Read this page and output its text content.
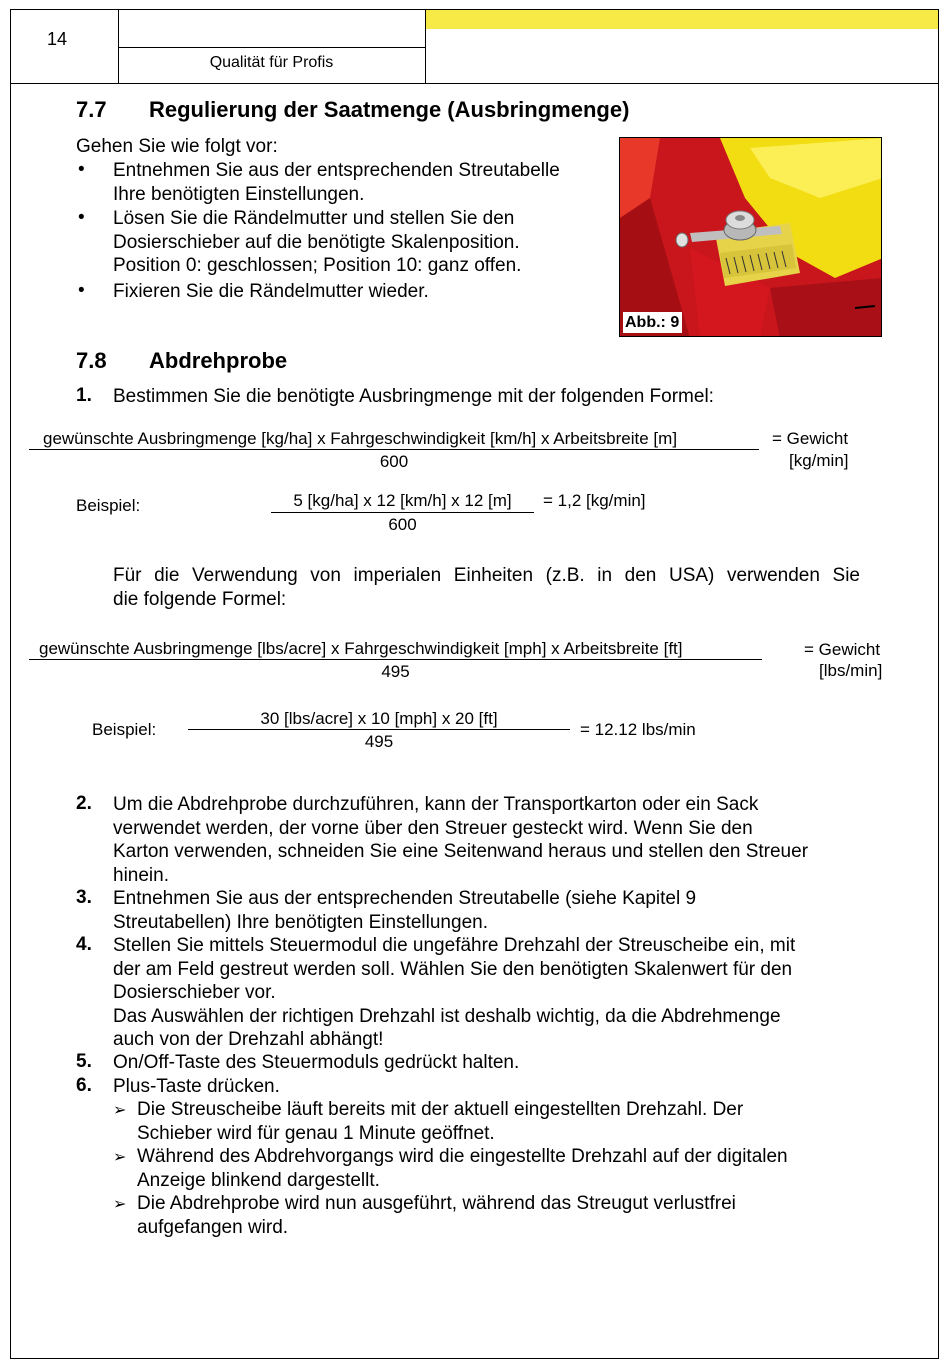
14
Qualität für Profis
7.7 Regulierung der Saatmenge (Ausbringmenge)
Gehen Sie wie folgt vor:
• Entnehmen Sie aus der entsprechenden Streutabelle
Ihre benötigten Einstellungen.
• Lösen Sie die Rändelmutter und stellen Sie den
Dosierschieber auf die benötigte Skalenposition.
Position 0: geschlossen; Position 10: ganz offen.
• Fixieren Sie die Rändelmutter wieder.
Abb.: 9
7.8 Abdrehprobe
1. Bestimmen Sie die benötigte Ausbringmenge mit der folgenden Formel:
gewünschte Ausbringmenge [kg/ha] x Fahrgeschwindigkeit [km/h] x Arbeitsbreite [m]
600
= Gewicht
[kg/min]
Beispiel:	5 [kg/ha] x 12 [km/h] x 12 [m]
600
= 1,2 [kg/min]
Für die Verwendung von imperialen Einheiten (z.B. in den USA) verwenden Sie
die folgende Formel:
gewünschte Ausbringmenge [lbs/acre] x Fahrgeschwindigkeit [mph] x Arbeitsbreite [ft]
495
= Gewicht
[lbs/min]
Beispiel:
30 [lbs/acre] x 10 [mph] x 20 [ft]
495
= 12.12 lbs/min
2. Um die Abdrehprobe durchzuführen, kann der Transportkarton oder ein Sack
verwendet werden, der vorne über den Streuer gesteckt wird. Wenn Sie den
Karton verwenden, schneiden Sie eine Seitenwand heraus und stellen den Streuer
hinein.
3. Entnehmen Sie aus der entsprechenden Streutabelle (siehe Kapitel 9
Streutabellen) Ihre benötigten Einstellungen.
4. Stellen Sie mittels Steuermodul die ungefähre Drehzahl der Streuscheibe ein, mit
der am Feld gestreut werden soll. Wählen Sie den benötigten Skalenwert für den
Dosierschieber vor.
Das Auswählen der richtigen Drehzahl ist deshalb wichtig, da die Abdrehmenge
auch von der Drehzahl abhängt!
5. On/Off-Taste des Steuermoduls gedrückt halten.
6. Plus-Taste drücken.
➢ Die Streuscheibe läuft bereits mit der aktuell eingestellten Drehzahl. Der
Schieber wird für genau 1 Minute geöffnet.
➢ Während des Abdrehvorgangs wird die eingestellte Drehzahl auf der digitalen
Anzeige blinkend dargestellt.
➢ Die Abdrehprobe wird nun ausgeführt, während das Streugut verlustfrei
aufgefangen wird.
